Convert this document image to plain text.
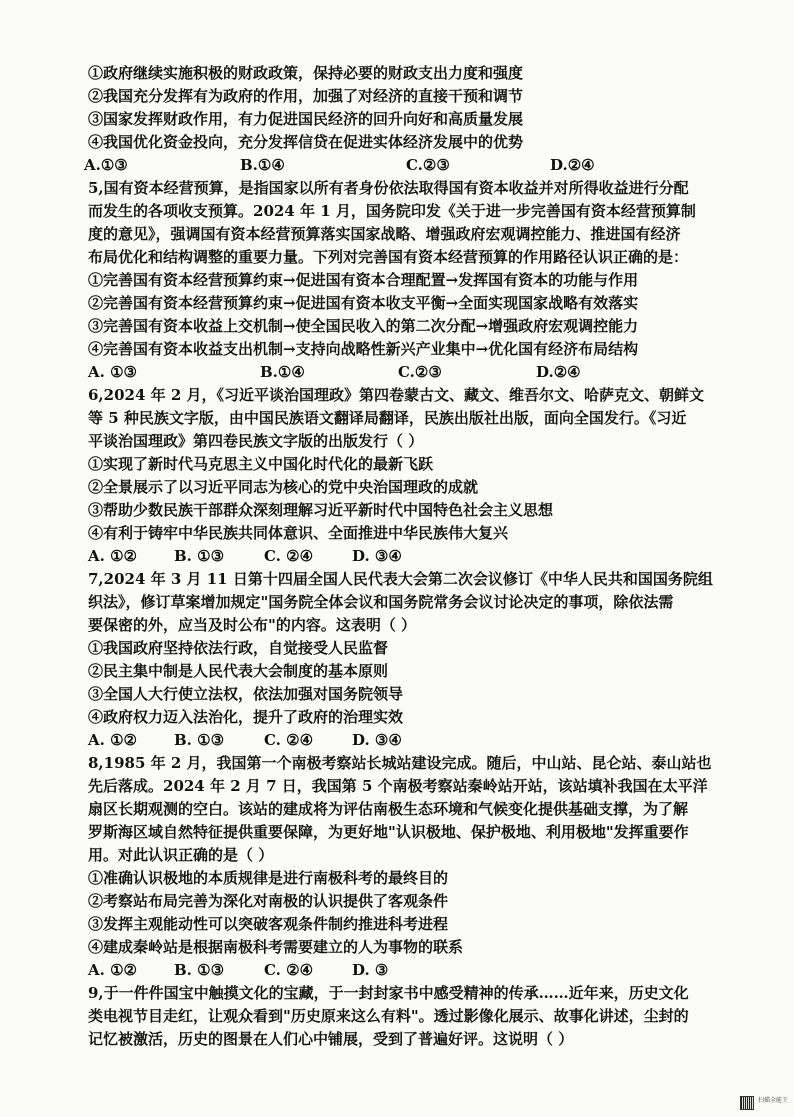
①政府继续实施积极的财政政策，保持必要的财政支出力度和强度
②我国充分发挥有为政府的作用，加强了对经济的直接干预和调节
③国家发挥财政作用，有力促进国民经济的回升向好和高质量发展
④我国优化资金投向，充分发挥信贷在促进实体经济发展中的优势
A.①③	B.①④	C.②③	D.②④
5,国有资本经营预算，是指国家以所有者身份依法取得国有资本收益并对所得收益进行分配
而发生的各项收支预算。2024 年 1 月，国务院印发《关于进一步完善国有资本经营预算制
度的意见》，强调国有资本经营预算落实国家战略、增强政府宏观调控能力、推进国有经济
布局优化和结构调整的重要力量。下列对完善国有资本经营预算的作用路径认识正确的是：
①完善国有资本经营预算约束→促进国有资本合理配置→发挥国有资本的功能与作用
②完善国有资本经营预算约束→促进国有资本收支平衡→全面实现国家战略有效落实
③完善国有资本收益上交机制→使全国民收入的第二次分配→增强政府宏观调控能力
④完善国有资本收益支出机制→支持向战略性新兴产业集中→优化国有经济布局结构
A. ①③	B.①④	C.②③	D.②④
6,2024 年 2 月，《习近平谈治国理政》第四卷蒙古文、藏文、维吾尔文、哈萨克文、朝鲜文
等 5 种民族文字版，由中国民族语文翻译局翻译，民族出版社出版，面向全国发行。《习近
平谈治国理政》第四卷民族文字版的出版发行（ ）
①实现了新时代马克思主义中国化时代化的最新飞跃
②全景展示了以习近平同志为核心的党中央治国理政的成就
③帮助少数民族干部群众深刻理解习近平新时代中国特色社会主义思想
④有利于铸牢中华民族共同体意识、全面推进中华民族伟大复兴
A. ①② B. ①③	C. ②④	D. ③④
7,2024 年 3 月 11 日第十四届全国人民代表大会第二次会议修订《中华人民共和国国务院组
织法》，修订草案增加规定"国务院全体会议和国务院常务会议讨论决定的事项，除依法需
要保密的外，应当及时公布"的内容。这表明（ ）
①我国政府坚持依法行政，自觉接受人民监督
②民主集中制是人民代表大会制度的基本原则
③全国人大行使立法权，依法加强对国务院领导
④政府权力迈入法治化，提升了政府的治理实效
A. ①② B. ①③	C. ②④	D. ③④
8,1985 年 2 月，我国第一个南极考察站长城站建设完成。随后，中山站、昆仑站、泰山站也
先后落成。2024 年 2 月 7 日，我国第 5 个南极考察站秦岭站开站，该站填补我国在太平洋
扇区长期观测的空白。该站的建成将为评估南极生态环境和气候变化提供基础支撑，为了解
罗斯海区域自然特征提供重要保障，为更好地"认识极地、保护极地、利用极地"发挥重要作
用。对此认识正确的是（ ）
①准确认识极地的本质规律是进行南极科考的最终目的
②考察站布局完善为深化对南极的认识提供了客观条件
③发挥主观能动性可以突破客观条件制约推进科考进程
④建成秦岭站是根据南极科考需要建立的人为事物的联系
A. ①② B. ①③	C. ②④	D. ③
9,于一件件国宝中触摸文化的宝藏，于一封封家书中感受精神的传承……近年来，历史文化
类电视节目走红，让观众看到"历史原来这么有料"。透过影像化展示、故事化讲述，尘封的
记忆被激活，历史的图景在人们心中铺展，受到了普遍好评。这说明（ ）
扫描全能王
